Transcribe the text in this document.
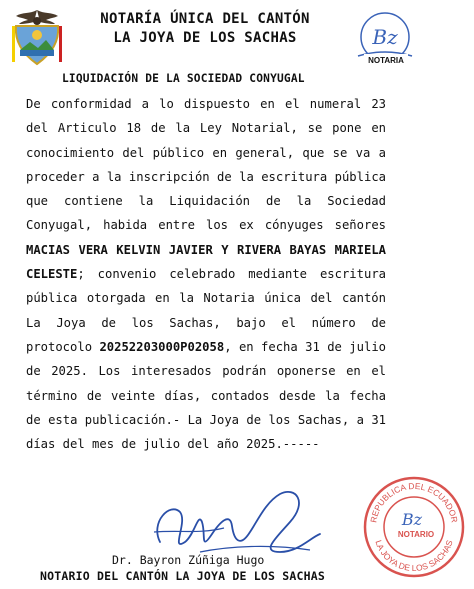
NOTARÍA ÚNICA DEL CANTÓN
LA JOYA DE LOS SACHAS	Bz
NOTARIA
LIQUIDACIÓN DE LA SOCIEDAD CONYUGAL
De conformidad a lo dispuesto en el numeral 23 del Articulo 18 de la Ley Notarial, se pone en conocimiento del público en general, que se va a proceder a la inscripción de la escritura pública que contiene la Liquidación de la Sociedad Conyugal, habida entre los ex cónyuges señores MACIAS VERA KELVIN JAVIER Y RIVERA BAYAS MARIELA CELESTE; convenio celebrado mediante escritura pública otorgada en la Notaria única del cantón La Joya de los Sachas, bajo el número de protocolo 20252203000P02058, en fecha 31 de julio de 2025. Los interesados podrán oponerse en el término de veinte días, contados desde la fecha de esta publicación.- La Joya de los Sachas, a 31 días del mes de julio del año 2025.-----
REPUBLICA DEL ECUADOR
LA JOYA DE LOS SACHAS
Bz
NOTARIO
Dr. Bayron Zúñiga Hugo
NOTARIO DEL CANTÓN LA JOYA DE LOS SACHAS
